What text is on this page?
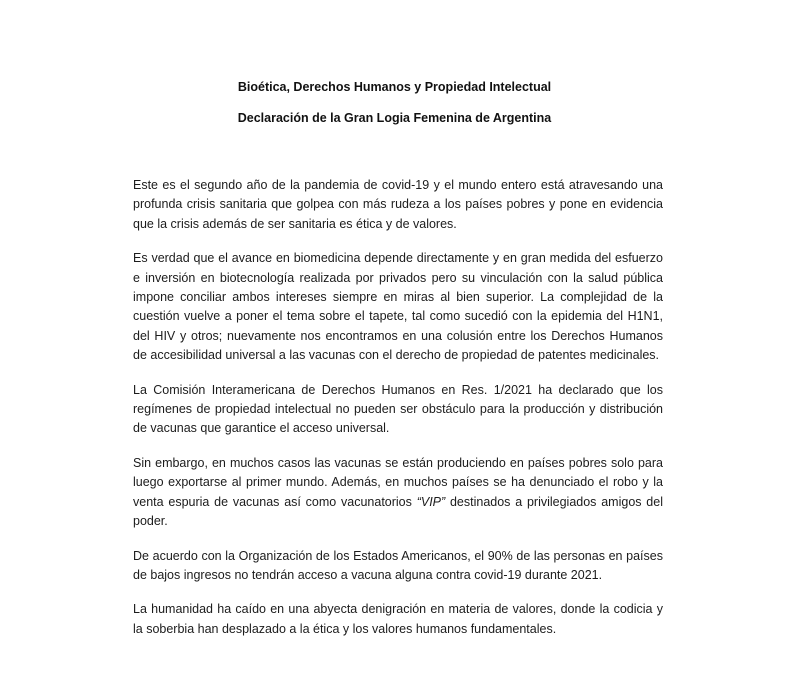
Bioética, Derechos Humanos y Propiedad Intelectual
Declaración de la Gran Logia Femenina de Argentina

Este es el segundo año de la pandemia de covid-19 y el mundo entero está atravesando una profunda crisis sanitaria que golpea con más rudeza a los países pobres y pone en evidencia que la crisis además de ser sanitaria es ética y de valores.

Es verdad que el avance en biomedicina depende directamente y en gran medida del esfuerzo e inversión en biotecnología realizada por privados pero su vinculación con la salud pública impone conciliar ambos intereses siempre en miras al bien superior. La complejidad de la cuestión vuelve a poner el tema sobre el tapete, tal como sucedió con la epidemia del H1N1, del HIV y otros; nuevamente nos encontramos en una colusión entre los Derechos Humanos de accesibilidad universal a las vacunas con el derecho de propiedad de patentes medicinales.

La Comisión Interamericana de Derechos Humanos en Res. 1/2021 ha declarado que los regímenes de propiedad intelectual no pueden ser obstáculo para la producción y distribución de vacunas que garantice el acceso universal.

Sin embargo, en muchos casos las vacunas se están produciendo en países pobres solo para luego exportarse al primer mundo. Además, en muchos países se ha denunciado el robo y la venta espuria de vacunas así como vacunatorios “VIP” destinados a privilegiados amigos del poder.

De acuerdo con la Organización de los Estados Americanos, el 90% de las personas en países de bajos ingresos no tendrán acceso a vacuna alguna contra covid-19 durante 2021.

La humanidad ha caído en una abyecta denigración en materia de valores, donde la codicia y la soberbia han desplazado a la ética y los valores humanos fundamentales.
